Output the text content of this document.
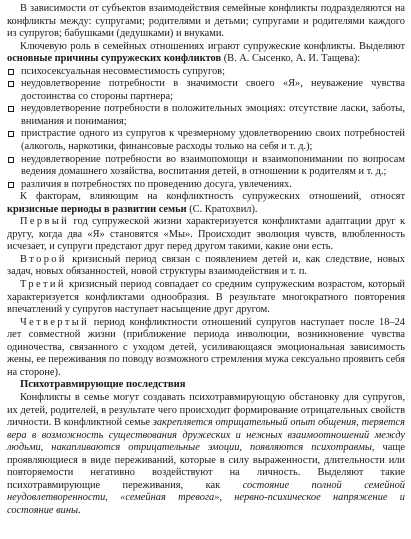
В зависимости от субъектов взаимодействия семейные конфликты подразделяются на конфликты между: супругами; родителями и детьми; супругами и родителями каждого из супругов; бабушками (дедушками) и внуками.

Ключевую роль в семейных отношениях играют супружеские конфликты. Выделяют основные причины супружеских конфликтов (В. А. Сысенко, А. И. Тащева):

психосексуальная несовместимость супругов;
неудовлетворение потребности в значимости своего «Я», неуважение чувства достоинства со стороны партнера;
неудовлетворение потребности в положительных эмоциях: отсутствие ласки, заботы, внимания и понимания;
пристрастие одного из супругов к чрезмерному удовлетворению своих потребностей (алкоголь, наркотики, финансовые расходы только на себя и т. д.);
неудовлетворение потребности во взаимопомощи и взаимопонимании по вопросам ведения домашнего хозяйства, воспитания детей, в отношении к родителям и т. д.;
различия в потребностях по проведению досуга, увлечениях.

К факторам, влияющим на конфликтность супружеских отношений, относят кризисные периоды в развитии семьи (С. Кратохвил).

Первый год супружеской жизни характеризуется конфликтами адаптации друг к другу, когда два «Я» становятся «Мы». Происходит эволюция чувств, влюбленность исчезает, и супруги предстают друг перед другом такими, какие они есть.

Второй кризисный период связан с появлением детей и, как следствие, новых задач, новых обязанностей, новой структуры взаимодействия и т. п.

Третий кризисный период совпадает со средним супружеским возрастом, который характеризуется конфликтами однообразия. В результате многократного повторения впечатлений у супругов наступает насыщение друг другом.

Четвертый период конфликтности отношений супругов наступает после 18–24 лет совместной жизни (приближение периода инволюции, возникновение чувства одиночества, связанного с уходом детей, усиливающаяся эмоциональная зависимость жены, ее переживания по поводу возможного стремления мужа сексуально проявить себя на стороне).

Психотравмирующие последствия

Конфликты в семье могут создавать психотравмирующую обстановку для супругов, их детей, родителей, в результате чего происходит формирование отрицательных свойств личности. В конфликтной семье закрепляется отрицательный опыт общения, теряется вера в возможность существования дружеских и нежных взаимоотношений между людьми, накапливаются отрицательные эмоции, появляются психотравмы, чаще проявляющиеся в виде переживаний, которые в силу выраженности, длительности или повторяемости негативно воздействуют на личность. Выделяют такие психотравмирующие переживания, как состояние полной семейной неудовлетворенности, «семейная тревога», нервно-психическое напряжение и состояние вины.
